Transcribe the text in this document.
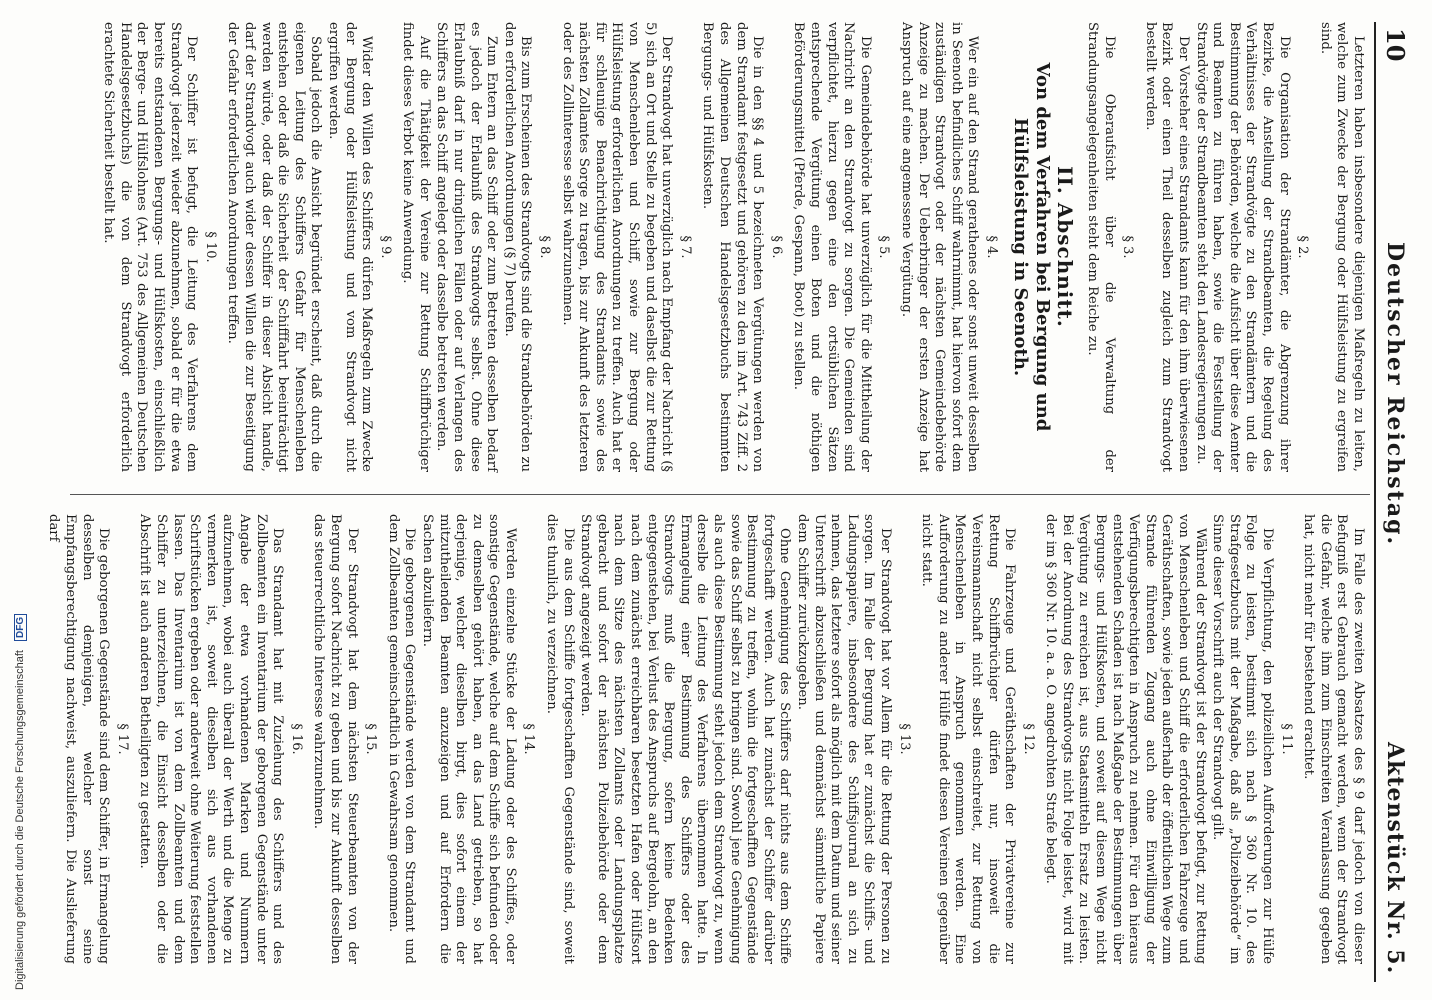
10
Deutscher Reichstag.
Aktenstück Nr. 5.

Letzteren haben insbesondere diejenigen Maßregeln zu leiten, welche zum Zwecke der Bergung oder Hülfsleistung zu ergreifen sind.

§ 2.

Die Organisation der Strandämter, die Abgrenzung ihrer Bezirke, die Anstellung der Strandbeamten, die Regelung des Verhältnisses der Strandvögte zu den Strandämtern und die Bestimmung der Behörden, welche die Aufsicht über diese Aemter und Beamten zu führen haben, sowie die Feststellung der Strandvögte der Strandbeamten steht den Landesregierungen zu.

Der Vorsteher eines Strandamts kann für den ihm überwiesenen Bezirk oder einen Theil desselben zugleich zum Strandvogt bestellt werden.

§ 3.

Die Oberaufsicht über die Verwaltung der Strandungsangelegenheiten steht dem Reiche zu.

II. Abschnitt.
Von dem Verfahren bei Bergung und Hülfsleistung in Seenoth.
§ 4.

Wer ein auf den Strand gerathenes oder sonst unweit desselben in Seenoth befindliches Schiff wahrnimmt, hat hiervon sofort dem zuständigen Strandvogt oder der nächsten Gemeindebehörde Anzeige zu machen. Der Ueberbringer der ersten Anzeige hat Anspruch auf eine angemessene Vergütung.

§ 5.

Die Gemeindebehörde hat unverzüglich für die Mittheilung der Nachricht an den Strandvogt zu sorgen. Die Gemeinden sind verpflichtet, hierzu gegen eine den ortsüblichen Sätzen entsprechende Vergütung einen Boten und die nöthigen Beförderungsmittel (Pferde, Gespann, Boot) zu stellen.

§ 6.

Die in den §§ 4 und 5 bezeichneten Vergütungen werden von dem Strandamt festgesetzt und gehören zu den im Art. 743 Ziff. 2 des Allgemeinen Deutschen Handelsgesetzbuchs bestimmten Bergungs- und Hülfskosten.

§ 7.

Der Strandvogt hat unverzüglich nach Empfang der Nachricht (§ 5) sich an Ort und Stelle zu begeben und daselbst die zur Rettung von Menschenleben und Schiff, sowie zur Bergung oder Hülfsleistung erforderlichen Anordnungen zu treffen. Auch hat er für schleunige Benachrichtigung des Strandamts sowie des nächsten Zollamtes Sorge zu tragen, bis zur Ankunft des letzteren oder des Zollinteresse selbst wahrzunehmen.

§ 8.

Bis zum Erscheinen des Strandvogts sind die Strandbehörden zu den erforderlichen Anordnungen (§ 7) berufen.

Zum Entern an das Schiff oder zum Betreten desselben bedarf es jedoch der Erlaubniß des Strandvogts selbst. Ohne diese Erlaubniß darf in nur dringlichen Fällen oder auf Verlangen des Schiffers an das Schiff angelegt oder dasselbe betreten werden.

Auf die Thätigkeit der Vereine zur Rettung Schiffbrüchiger findet dieses Verbot keine Anwendung.

§ 9.

Wider den Willen des Schiffers dürfen Maßregeln zum Zwecke der Bergung oder Hülfsleistung und vom Strandvogt nicht ergriffen werden.

Sobald jedoch die Ansicht begründet erscheint, daß durch die eigenen Leitung des Schiffers Gefahr für Menschenleben entstehen oder daß die Sicherheit der Schifffahrt beeinträchtigt werden würde, oder daß der Schiffer in dieser Absicht handle, darf der Strandvogt auch wider dessen Willen die zur Beseitigung der Gefahr erforderlichen Anordnungen treffen.

§ 10.

Der Schiffer ist befugt, die Leitung des Verfahrens dem Strandvogt jederzeit wieder abzunehmen, sobald er für die etwa bereits entstandenen Bergungs- und Hülfskosten, einschließlich der Berge- und Hülfslohnes (Art. 753 des Allgemeinen Deutschen Handelsgesetzbuchs) die von dem Strandvogt erforderlich erachtete Sicherheit bestellt hat.

Im Falle des zweiten Absatzes des § 9 darf jedoch von dieser Befugniß erst Gebrauch gemacht werden, wenn der Strandvogt die Gefahr, welche ihm zum Einschreiten Veranlassung gegeben hat, nicht mehr für bestehend erachtet.

§ 11.

Die Verpflichtung, den polizeilichen Aufforderungen zur Hülfe Folge zu leisten, bestimmt sich nach § 360 Nr. 10. des Strafgesetzbuchs mit der Maßgabe, daß als „Polizeibehörde“ im Sinne dieser Vorschrift auch der Strandvogt gilt.

Während der Strandvogt ist der Strandvogt befugt, zur Rettung von Menschenleben und Schiff die erforderlichen Fahrzeuge und Geräthschaften, sowie jeden außerhalb der öffentlichen Wege zum Strande führenden Zugang auch ohne Einwilligung der Verfügungsberechtigten in Anspruch zu nehmen. Für den hieraus entstehenden Schaden ist nach Maßgabe der Bestimmungen über Bergungs- und Hülfskosten, und soweit auf diesem Wege nicht Vergütung zu erreichen ist, aus Staatsmitteln Ersatz zu leisten. Bei der Anordnung des Strandvogts nicht Folge leistet, wird mit der im § 360 Nr. 10. a. a. O. angedrohten Strafe belegt.

§ 12.

Die Fahrzeuge und Geräthschaften der Privatvereine zur Rettung Schiffbrüchiger dürfen nur, insoweit die Vereinsmannschaft nicht selbst einschreitet, zur Rettung von Menschenleben in Anspruch genommen werden. Eine Aufforderung zu anderer Hülfe findet diesen Vereinen gegenüber nicht statt.

§ 13.

Der Strandvogt hat vor Allem für die Rettung der Personen zu sorgen. Im Falle der Bergung hat er zunächst die Schiffs- und Ladungspapiere, insbesondere des Schiffsjournal an sich zu nehmen, das letztere sofort als möglich mit dem Datum und seiner Unterschrift abzuschließen und demnächst sämmtliche Papiere dem Schiffer zurückzugeben.

Ohne Genehmigung des Schiffers darf nichts aus dem Schiffe fortgeschafft werden. Auch hat zunächst der Schiffer darüber Bestimmung zu treffen, wohin die fortgeschafften Gegenstände sowie das Schiff selbst zu bringen sind. Sowohl jene Genehmigung als auch diese Bestimmung steht jedoch dem Strandvogt zu, wenn derselbe die Leitung des Verfahrens übernommen hatte. In Ermangelung einer Bestimmung des Schiffers oder des Strandvogts muß die Bergung, sofern keine Bedenken entgegenstehen, bei Verlust des Anspruchs auf Bergelohn, an den nach dem zunächst erreichbaren besetzten Hafen oder Hülfsort nach dem Sitze des nächsten Zollamts oder Landungsplatze gebracht und sofort der nächsten Polizeibehörde oder dem Strandvogt angezeigt werden.

Die aus dem Schiffe fortgeschafften Gegenstände sind, soweit dies thunlich, zu verzeichnen.

§ 14.

Werden einzelne Stücke der Ladung oder des Schiffes, oder sonstige Gegenstände, welche auf dem Schiffe sich befunden oder zu demselben gehört haben, an das Land getrieben, so hat derjenige, welcher dieselben birgt, dies sofort einem der mitzutheilenden Beamten anzuzeigen und auf Erfordern die Sachen abzuliefern.

Die geborgenen Gegenstände werden von dem Strandamt und dem Zollbeamten gemeinschaftlich in Gewahrsam genommen.

§ 15.

Der Strandvogt hat dem nächsten Steuerbeamten von der Bergung sofort Nachricht zu geben und bis zur Ankunft desselben das steuerrechtliche Interesse wahrzunehmen.

§ 16.

Das Strandamt hat mit Zuziehung des Schiffers und des Zollbeamten ein Inventarium der geborgenen Gegenstände unter Angabe der etwa vorhandenen Marken und Nummern aufzunehmen, wobei auch überall der Werth und die Menge zu vermerken ist, soweit dieselben sich aus vorhandenen Schriftstücken ergeben oder anderweit ohne Weiterung feststellen lassen. Das Inventarium ist von dem Zollbeamten und dem Schiffer zu unterzeichnen, die Einsicht desselben oder die Abschrift ist auch anderen Betheiligten zu gestatten.

§ 17.

Die geborgenen Gegenstände sind dem Schiffer, in Ermangelung desselben demjenigen, welcher sonst seine Empfangsberechtigung nachweist, auszuliefern. Die Auslieferung darf

Digitalisierung gefördert durch die Deutsche Forschungsgemeinschaft DFG
